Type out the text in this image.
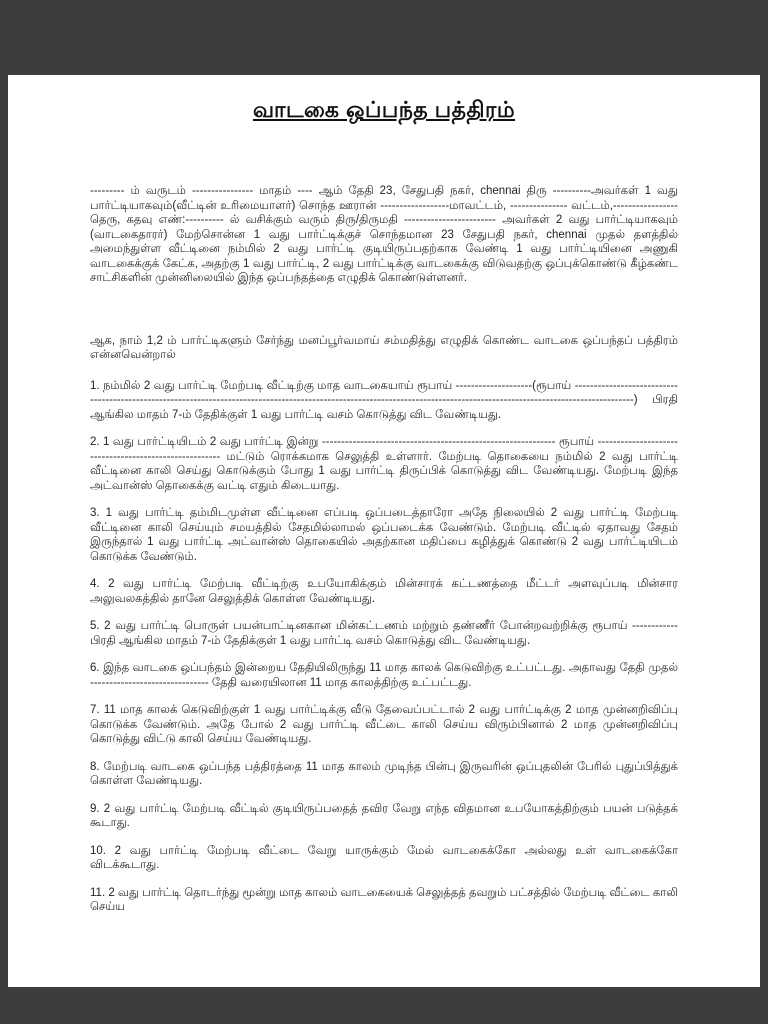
வாடகை ஒப்பந்த பத்திரம்

--------- ம் வருடம் ---------------- மாதம் ---- ஆம் தேதி 23, சேதுபதி நகர், chennai திரு ----------அவர்கள் 1 வது பார்ட்டியாகவும்(வீட்டின் உரிமையாளர்) சொந்த ஊரான் ------------------மாவட்டம், --------------- வட்டம்,-----------------தெரு, கதவு எண்:---------- ல் வசிக்கும் வரும் திரு/திருமதி ------------------------ அவர்கள் 2 வது பார்ட்டியாகவும் (வாடகைதாரர்) மேற்சொன்ன 1 வது பார்ட்டிக்குச் சொந்தமான 23 சேதுபதி நகர், chennai முதல் தளத்தில் அமைந்துள்ள வீட்டினை நம்மில் 2 வது பார்ட்டி குடியிருப்பதற்காக வேண்டி 1 வது பார்ட்டியினை அணுகி வாடகைக்குக் கேட்க, அதற்கு 1 வது பார்ட்டி, 2 வது பார்ட்டிக்கு வாடகைக்கு விடுவதற்கு ஒப்புக்கொண்டு கீழ்கண்ட சாட்சிகளின் முன்னிலையில் இந்த ஒப்பந்தத்தை எழுதிக் கொண்டுள்ளனர்.

ஆக, நாம் 1,2 ம் பார்ட்டிகளும் சேர்ந்து மனப்பூர்வமாய் சம்மதித்து எழுதிக் கொண்ட வாடகை ஒப்பந்தப் பத்திரம் என்னவென்றால்

1. நம்மில் 2 வது பார்ட்டி மேற்படி வீட்டிற்கு மாத வாடகையாய் ரூபாய் --------------------(ரூபாய் -------------------------------------------------------------------------------------------------------------------------------------------------------------------------) பிரதி ஆங்கில மாதம் 7-ம் தேதிக்குள் 1 வது பார்ட்டி வசம் கொடுத்து விட வேண்டியது.

2. 1 வது பார்ட்டியிடம் 2 வது பார்ட்டி இன்று ------------------------------------------------------------- ரூபாய் ------------------------------------------------------- மட்டும் ரொக்கமாக செலுத்தி உள்ளார். மேற்படி தொகையை நம்மில் 2 வது பார்ட்டி வீட்டினை காலி செய்து கொடுக்கும் போது 1 வது பார்ட்டி திருப்பிக் கொடுத்து விட வேண்டியது. மேற்படி இந்த அட்வான்ஸ் தொகைக்கு வட்டி எதும் கிடையாது.

3. 1 வது பார்ட்டி தம்மிடமுள்ள வீட்டினை எப்படி ஒப்படைத்தாரோ அதே நிலையில் 2 வது பார்ட்டி மேற்படி வீட்டினை காலி செய்யும் சமயத்தில் சேதமில்லாமல் ஒப்படைக்க வேண்டும். மேற்படி வீட்டில் ஏதாவது சேதம் இருந்தால் 1 வது பார்ட்டி அட்வான்ஸ் தொகையில் அதற்கான மதிப்பை கழித்துக் கொண்டு 2 வது பார்ட்டியிடம் கொடுக்க வேண்டும்.

4. 2 வது பார்ட்டி மேற்படி வீட்டிற்கு உபயோகிக்கும் மின்சாரக் கட்டணத்தை மீட்டர் அளவுப்படி மின்சார அலுவலகத்தில் தானே செலுத்திக் கொள்ள வேண்டியது.

5. 2 வது பார்ட்டி பொருள் பயன்பாட்டினகான மின்கட்டணம் மற்றும் தண்ணீர் போன்றவற்றிக்கு ரூபாய் ------------ பிரதி ஆங்கில மாதம் 7-ம் தேதிக்குள் 1 வது பார்ட்டி வசம் கொடுத்து விட வேண்டியது.

6. இந்த வாடகை ஒப்பந்தம் இன்றைய தேதியிலிருந்து 11 மாத காலக் கெடுவிற்கு உட்பட்டது. அதாவது தேதி முதல் ------------------------------- தேதி வரையிலான 11 மாத காலத்திற்கு உட்பட்டது.

7. 11 மாத காலக் கெடுவிற்குள் 1 வது பார்ட்டிக்கு வீடு தேவைப்பட்டால் 2 வது பார்ட்டிக்கு 2 மாத முன்னறிவிப்பு கொடுக்க வேண்டும். அதே போல் 2 வது பார்ட்டி வீட்டை காலி செய்ய விரும்பினால் 2 மாத முன்னறிவிப்பு கொடுத்து விட்டு காலி செய்ய வேண்டியது.

8. மேற்படி வாடகை ஒப்பந்த பத்திரத்தை 11 மாத காலம் முடிந்த பின்பு இருவரின் ஒப்புதலின் பேரில் புதுப்பித்துக் கொள்ள வேண்டியது.

9. 2 வது பார்ட்டி மேற்படி வீட்டில் குடியிருப்பதைத் தவிர வேறு எந்த விதமான உபயோகத்திற்கும் பயன் படுத்தக் கூடாது.

10. 2 வது பார்ட்டி மேற்படி வீட்டை வேறு யாருக்கும் மேல் வாடகைக்கோ அல்லது உள் வாடகைக்கோ விடக்கூடாது.

11. 2 வது பார்ட்டி தொடர்ந்து மூன்று மாத காலம் வாடகையைக் செலுத்தத் தவறும் பட்சத்தில் மேற்படி வீட்டை காலி செய்ய
